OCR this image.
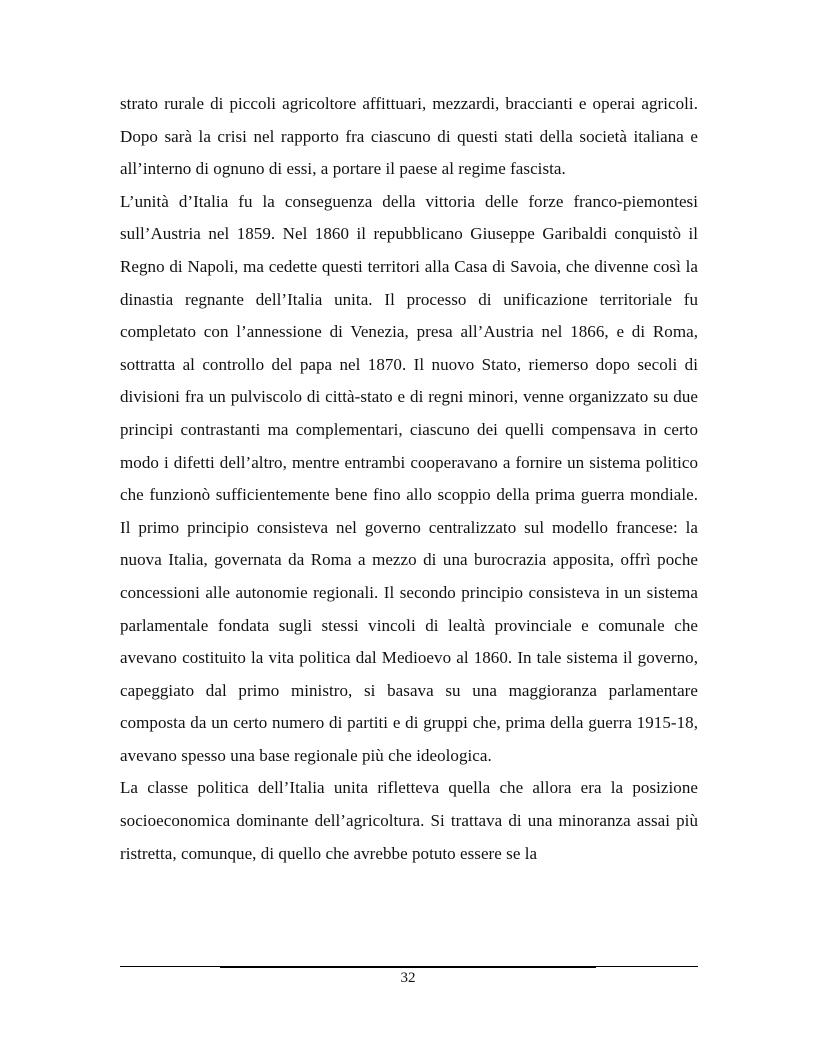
strato rurale di piccoli agricoltore affittuari, mezzardi, braccianti e operai agricoli. Dopo sarà la crisi nel rapporto fra ciascuno di questi stati della società italiana e all’interno di ognuno di essi, a portare il paese al regime fascista.

L’unità d’Italia fu la conseguenza della vittoria delle forze franco-piemontesi sull’Austria nel 1859. Nel 1860 il repubblicano Giuseppe Garibaldi conquistò il Regno di Napoli, ma cedette questi territori alla Casa di Savoia, che divenne così la dinastia regnante dell’Italia unita. Il processo di unificazione territoriale fu completato con l’annessione di Venezia, presa all’Austria nel 1866, e di Roma, sottratta al controllo del papa nel 1870. Il nuovo Stato, riemerso dopo secoli di divisioni fra un pulviscolo di città-stato e di regni minori, venne organizzato su due principi contrastanti ma complementari, ciascuno dei quelli compensava in certo modo i difetti dell’altro, mentre entrambi cooperavano a fornire un sistema politico che funzionò sufficientemente bene fino allo scoppio della prima guerra mondiale. Il primo principio consisteva nel governo centralizzato sul modello francese: la nuova Italia, governata da Roma a mezzo di una burocrazia apposita, offrì poche concessioni alle autonomie regionali. Il secondo principio consisteva in un sistema parlamentale fondata sugli stessi vincoli di lealtà provinciale e comunale che avevano costituito la vita politica dal Medioevo al 1860. In tale sistema il governo, capeggiato dal primo ministro, si basava su una maggioranza parlamentare composta da un certo numero di partiti e di gruppi che, prima della guerra 1915-18, avevano spesso una base regionale più che ideologica.

La classe politica dell’Italia unita rifletteva quella che allora era la posizione socioeconomica dominante dell’agricoltura. Si trattava di una minoranza assai più ristretta, comunque, di quello che avrebbe potuto essere se la

32
